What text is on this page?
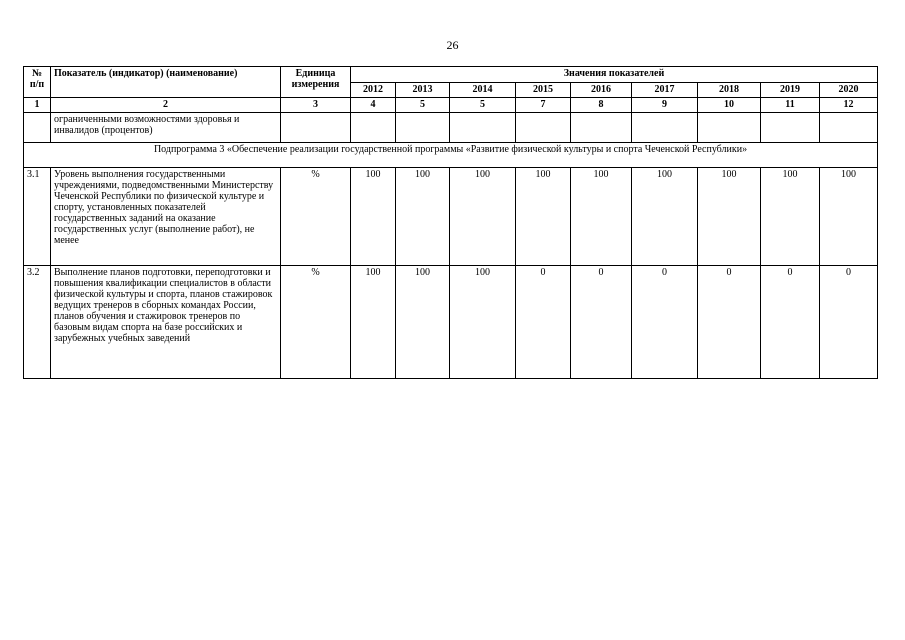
26
№ п/п	Показатель (индикатор) (наименование)	Единица измерения	Значения показателей								
			2012	2013	2014	2015	2016	2017	2018	2019	2020
1	2	3	4	5	5	7	8	9	10	11	12
	ограниченными возможностями здоровья и инвалидов (процентов)										
Подпрограмма 3 «Обеспечение реализации государственной программы «Развитие физической культуры и спорта Чеченской Республики»											
3.1	Уровень выполнения государственными учреждениями, подведомственными Министерству Чеченской Республики по физической культуре и спорту, установленных показателей государственных заданий на оказание государственных услуг (выполнение работ), не менее	%	100	100	100	100	100	100	100	100	100
3.2	Выполнение планов подготовки, переподготовки и повышения квалификации специалистов в области физической культуры и спорта, планов стажировок ведущих тренеров в сборных командах России, планов обучения и стажировок тренеров по базовым видам спорта на базе российских и зарубежных учебных заведений	%	100	100	100	0	0	0	0	0	0
